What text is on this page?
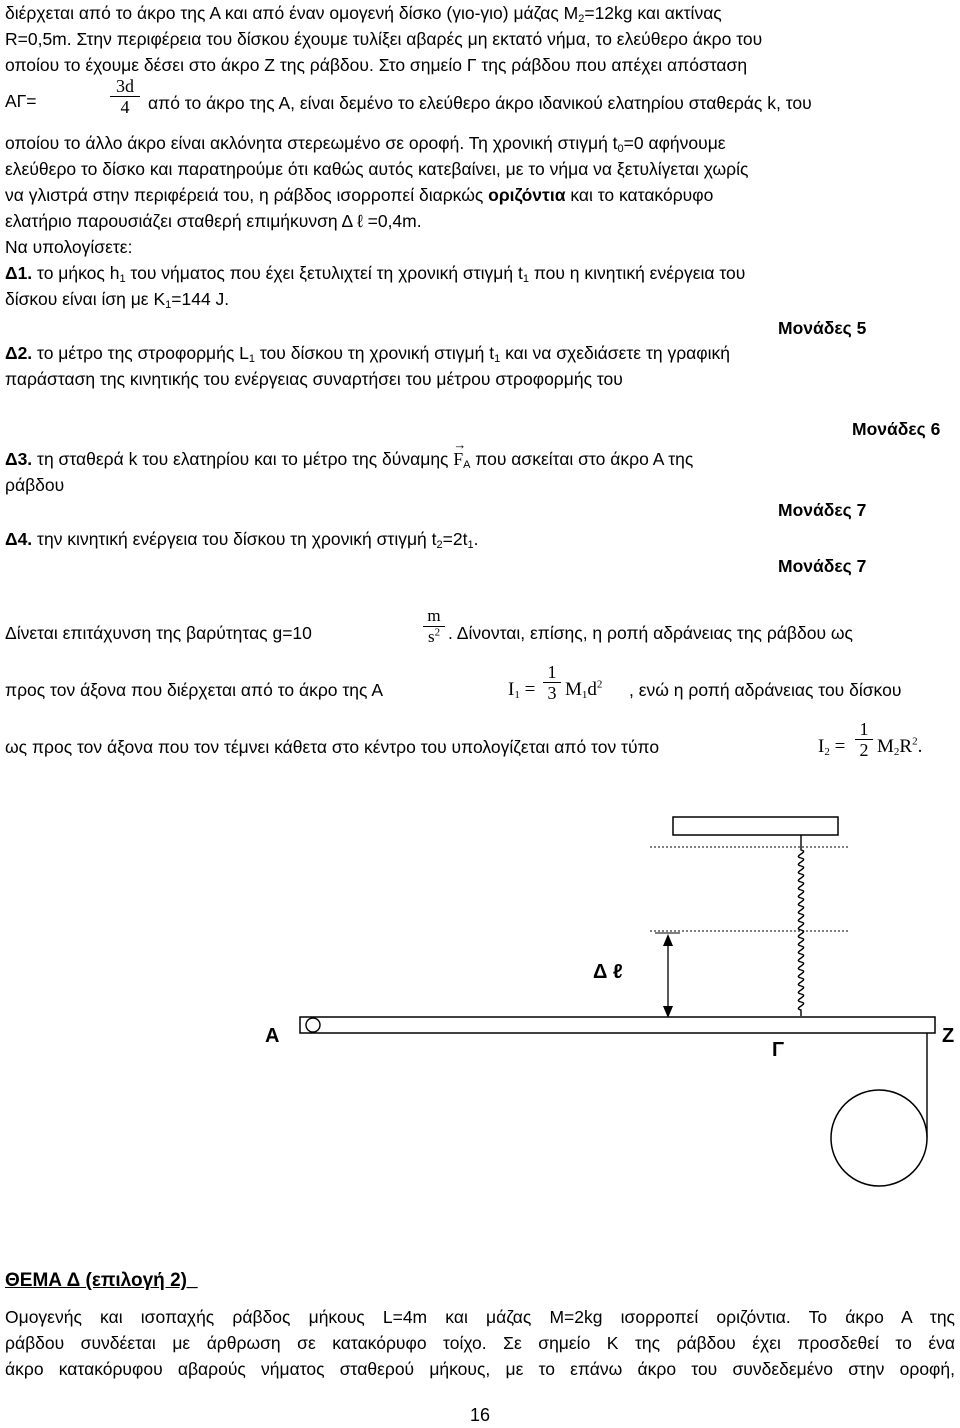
διέρχεται από το άκρο της Α και από έναν ομογενή δίσκο (γιο-γιο) μάζας $M_2=12kg$ και ακτίνας
R=0,5m. Στην περιφέρεια του δίσκου έχουμε τυλίξει αβαρές μη εκτατό νήμα, το ελεύθερο άκρο του
οποίου το έχουμε δέσει στο άκρο Ζ της ράβδου. Στο σημείο Γ της ράβδου που απέχει απόσταση
ΑΓ=
3d
4	από το άκρο της Α, είναι δεμένο το ελεύθερο άκρο ιδανικού ελατηρίου σταθεράς k, του
οποίου το άλλο άκρο είναι ακλόνητα στερεωμένο σε οροφή. Τη χρονική στιγμή $t_0=0$ αφήνουμε
ελεύθερο το δίσκο και παρατηρούμε ότι καθώς αυτός κατεβαίνει, με το νήμα να ξετυλίγεται χωρίς
να γλιστρά στην περιφέρειά του, η ράβδος ισορροπεί διαρκώς οριζόντια και το κατακόρυφο
ελατήριο παρουσιάζει σταθερή επιμήκυνση Δ ℓ =0,4m.
Να υπολογίσετε:
Δ1. το μήκος $h_1$ του νήματος που έχει ξετυλιχτεί τη χρονική στιγμή $t_1$ που η κινητική ενέργεια του
δίσκου είναι ίση με $K_1=144$ J.
Μονάδες 5
Δ2. το μέτρο της στροφορμής $L_1$ του δίσκου τη χρονική στιγμή $t_1$ και να σχεδιάσετε τη γραφική
παράσταση της κινητικής του ενέργειας συναρτήσει του μέτρου στροφορμής του
Μονάδες 6
Δ3. τη σταθερά k του ελατηρίου και το μέτρο της $\delta ύ\nu\alpha\mu\eta\varsigma \to F_A$ που ασκείται στο άκρο Α της
ράβδου
Μονάδες 7
Δ4. την κινητική ενέργεια του δίσκου τη χρονική στιγμή $t_2=2t_1$.
Μονάδες 7
Δίνεται επιτάχυνση της βαρύτητας g=10
m
$s^2$ . Δίνονται, επίσης, η ροπή αδράνειας της ράβδου ως
προς τον άξονα που διέρχεται από το άκρο της Α	$I_1$ =
1
3 $M_1d^2$ , ενώ η ροπή αδράνειας του δίσκου
ως προς τον άξονα που τον τέμνει κάθετα στο κέντρο του υπολογίζεται από τον τύπο	$I_2$ =
1
2 $M_2R^2$.
Α
Δ ℓ
Γ
Ζ
ΘΕΜΑ Δ (επιλογή 2)_
Ομογενής και ισοπαχής ράβδος μήκους L=4m και μάζας M=2kg ισορροπεί οριζόντια. Το άκρο Α της
ράβδου συνδέεται με άρθρωση σε κατακόρυφο τοίχο. Σε σημείο Κ της ράβδου έχει προσδεθεί το ένα
άκρο κατακόρυφου αβαρούς νήματος σταθερού μήκους, με το επάνω άκρο του συνδεδεμένο στην οροφή,
16
